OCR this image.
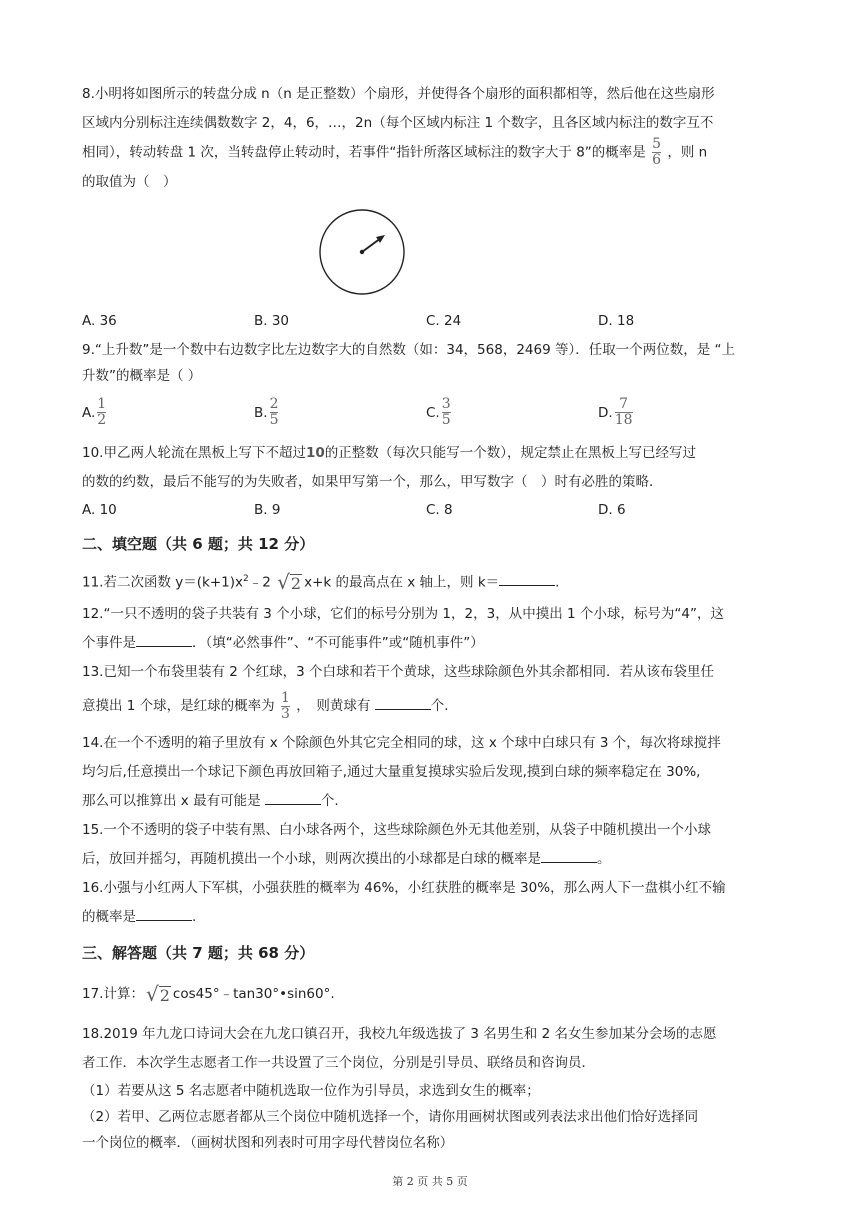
8.小明将如图所示的转盘分成 n（n 是正整数）个扇形，并使得各个扇形的面积都相等，然后他在这些扇形

区域内分别标注连续偶数数字 2，4，6，…，2n（每个区域内标注 1 个数字，且各区域内标注的数字互不

相同），转动转盘 1 次，当转盘停止转动时，若事件“指针所落区域标注的数字大于 8”的概率是 $\frac{5}{6}$ ，则 n

的取值为（　）

A. 36	B. 30	C. 24	D. 18

9.“上升数”是一个数中右边数字比左边数字大的自然数（如：34，568，2469 等）．任取一个两位数，是 “上

升数”的概率是（ ）

A. $\frac{1}{2}$	B. $\frac{2}{5}$	C. $\frac{3}{5}$	D. $\frac{7}{18}$

10.甲乙两人轮流在黑板上写下不超过10的正整数（每次只能写一个数），规定禁止在黑板上写已经写过

的数的约数，最后不能写的为失败者，如果甲写第一个，那么，甲写数字（　）时有必胜的策略．

A. 10	B. 9	C. 8	D. 6
二、填空题（共 6 题；共 12 分）

11.若二次函数 $y=(k+1)x^2﹣2$ √ 2 x+k 的最高点在 x 轴上，则 k＝	.

12.“一只不透明的袋子共装有 3 个小球，它们的标号分别为 1，2，3，从中摸出 1 个小球，标号为“4”，这

个事件是	．（填“必然事件”、“不可能事件”或“随机事件”）

13.已知一个布袋里装有 2 个红球，3 个白球和若干个黄球，这些球除颜色外其余都相同．若从该布袋里任

意摸出 1 个球，是红球的概率为 $\frac{1}{3}$ ，　则黄球有	个.

14.在一个不透明的箱子里放有 x 个除颜色外其它完全相同的球，这 x 个球中白球只有 3 个，每次将球搅拌

均匀后,任意摸出一个球记下颜色再放回箱子,通过大量重复摸球实验后发现,摸到白球的频率稳定在 30%,

那么可以推算出 x 最有可能是	个.

15.一个不透明的袋子中装有黑、白小球各两个，这些球除颜色外无其他差别，从袋子中随机摸出一个小球

后，放回并摇匀，再随机摸出一个小球，则两次摸出的小球都是白球的概率是	。

16.小强与小红两人下军棋，小强获胜的概率为 46%，小红获胜的概率是 30%，那么两人下一盘棋小红不输

的概率是	.

三、解答题（共 7 题；共 68 分）

17.计算： √ 2 cos45°﹣tan30°•sin60°.

18.2019 年九龙口诗词大会在九龙口镇召开，我校九年级选拔了 3 名男生和 2 名女生参加某分会场的志愿

者工作．本次学生志愿者工作一共设置了三个岗位，分别是引导员、联络员和咨询员．

（1）若要从这 5 名志愿者中随机选取一位作为引导员，求选到女生的概率；

（2）若甲、乙两位志愿者都从三个岗位中随机选择一个，请你用画树状图或列表法求出他们恰好选择同

一个岗位的概率．（画树状图和列表时可用字母代替岗位名称）

第 2 页 共 5 页
